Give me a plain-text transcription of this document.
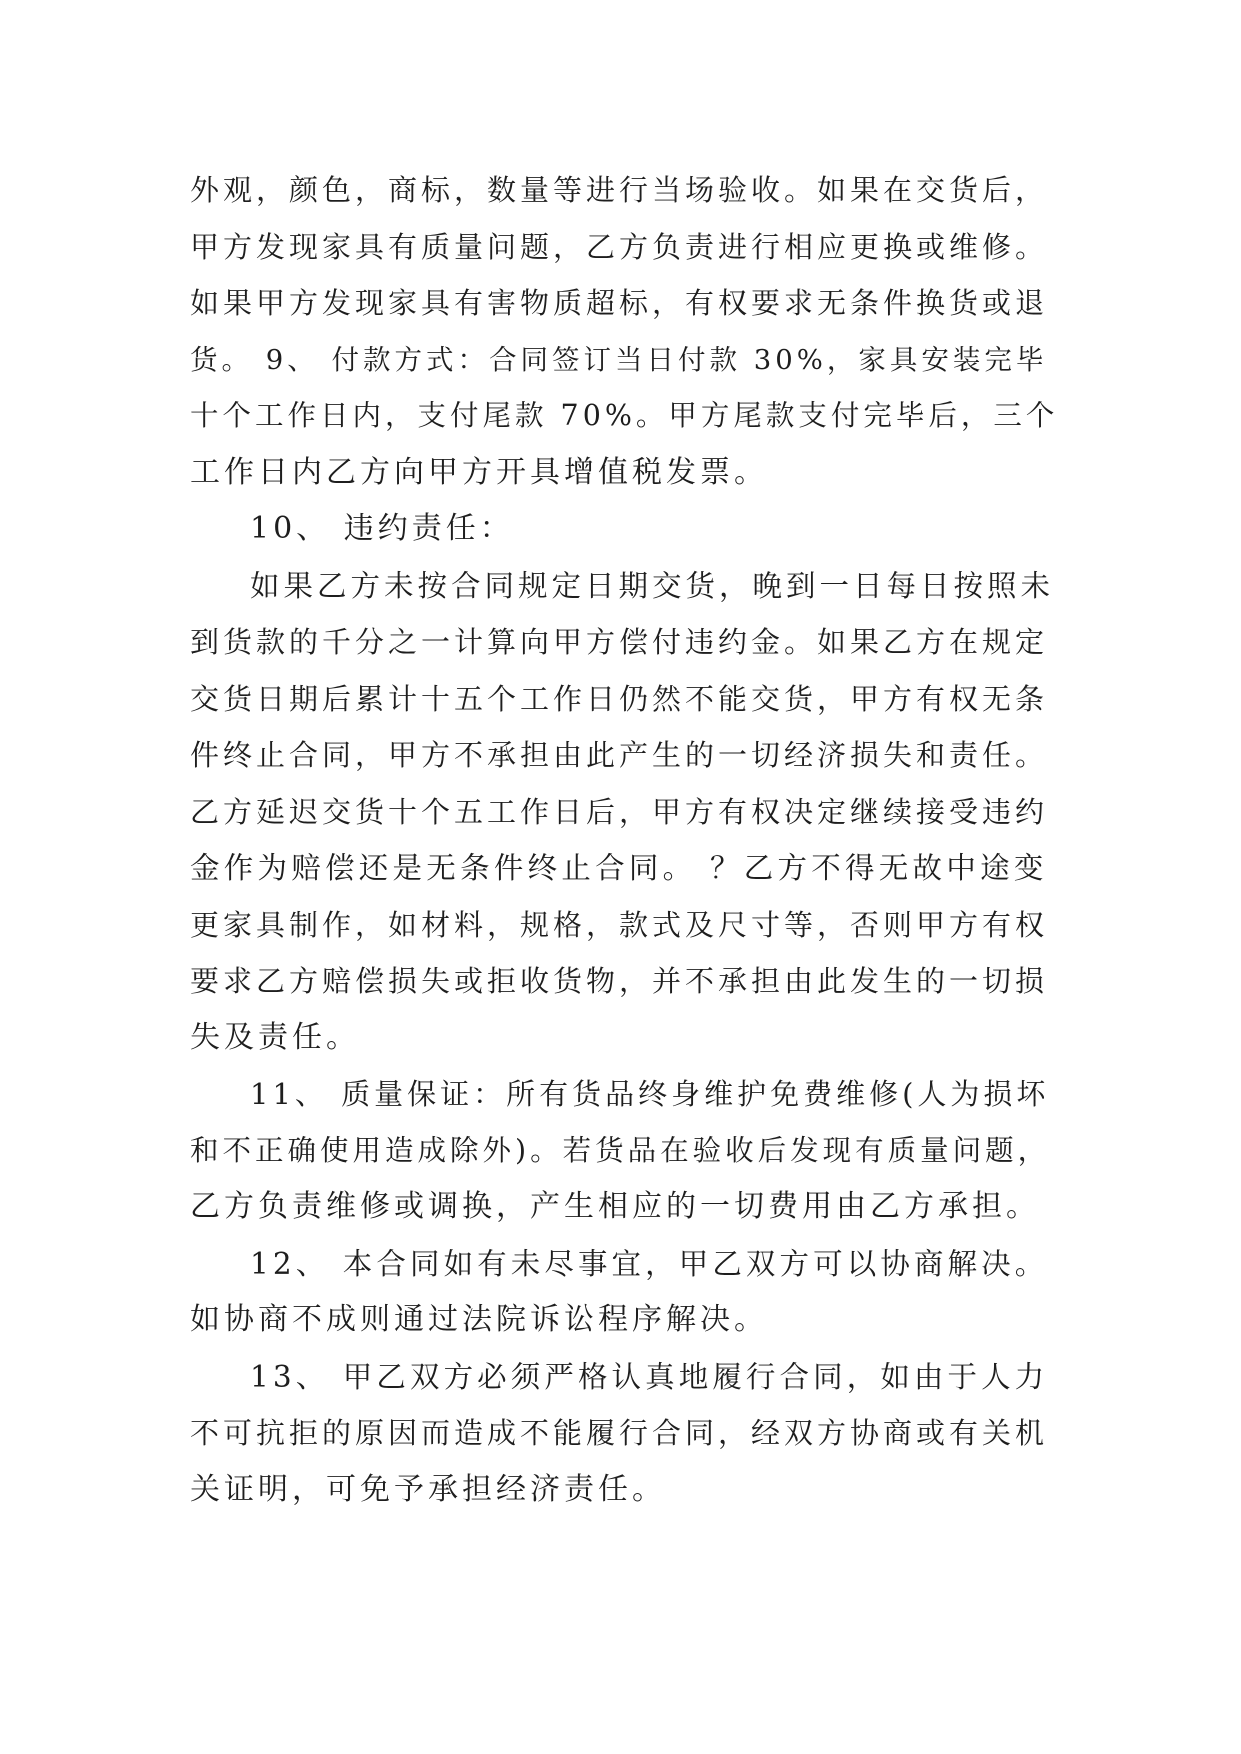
外观，颜色，商标，数量等进行当场验收。如果在交货后，
甲方发现家具有质量问题，乙方负责进行相应更换或维修。
如果甲方发现家具有害物质超标，有权要求无条件换货或退
货。 9、 付款方式：合同签订当日付款 30%，家具安装完毕
十个工作日内，支付尾款 70%。甲方尾款支付完毕后，三个
工作日内乙方向甲方开具增值税发票。
10、 违约责任：
如果乙方未按合同规定日期交货，晚到一日每日按照未
到货款的千分之一计算向甲方偿付违约金。如果乙方在规定
交货日期后累计十五个工作日仍然不能交货，甲方有权无条
件终止合同，甲方不承担由此产生的一切经济损失和责任。
乙方延迟交货十个五工作日后，甲方有权决定继续接受违约
金作为赔偿还是无条件终止合同。 ？乙方不得无故中途变
更家具制作，如材料，规格，款式及尺寸等，否则甲方有权
要求乙方赔偿损失或拒收货物，并不承担由此发生的一切损
失及责任。
11、 质量保证：所有货品终身维护免费维修(人为损坏
和不正确使用造成除外)。若货品在验收后发现有质量问题，
乙方负责维修或调换，产生相应的一切费用由乙方承担。
12、 本合同如有未尽事宜，甲乙双方可以协商解决。
如协商不成则通过法院诉讼程序解决。
13、 甲乙双方必须严格认真地履行合同，如由于人力
不可抗拒的原因而造成不能履行合同，经双方协商或有关机
关证明，可免予承担经济责任。
